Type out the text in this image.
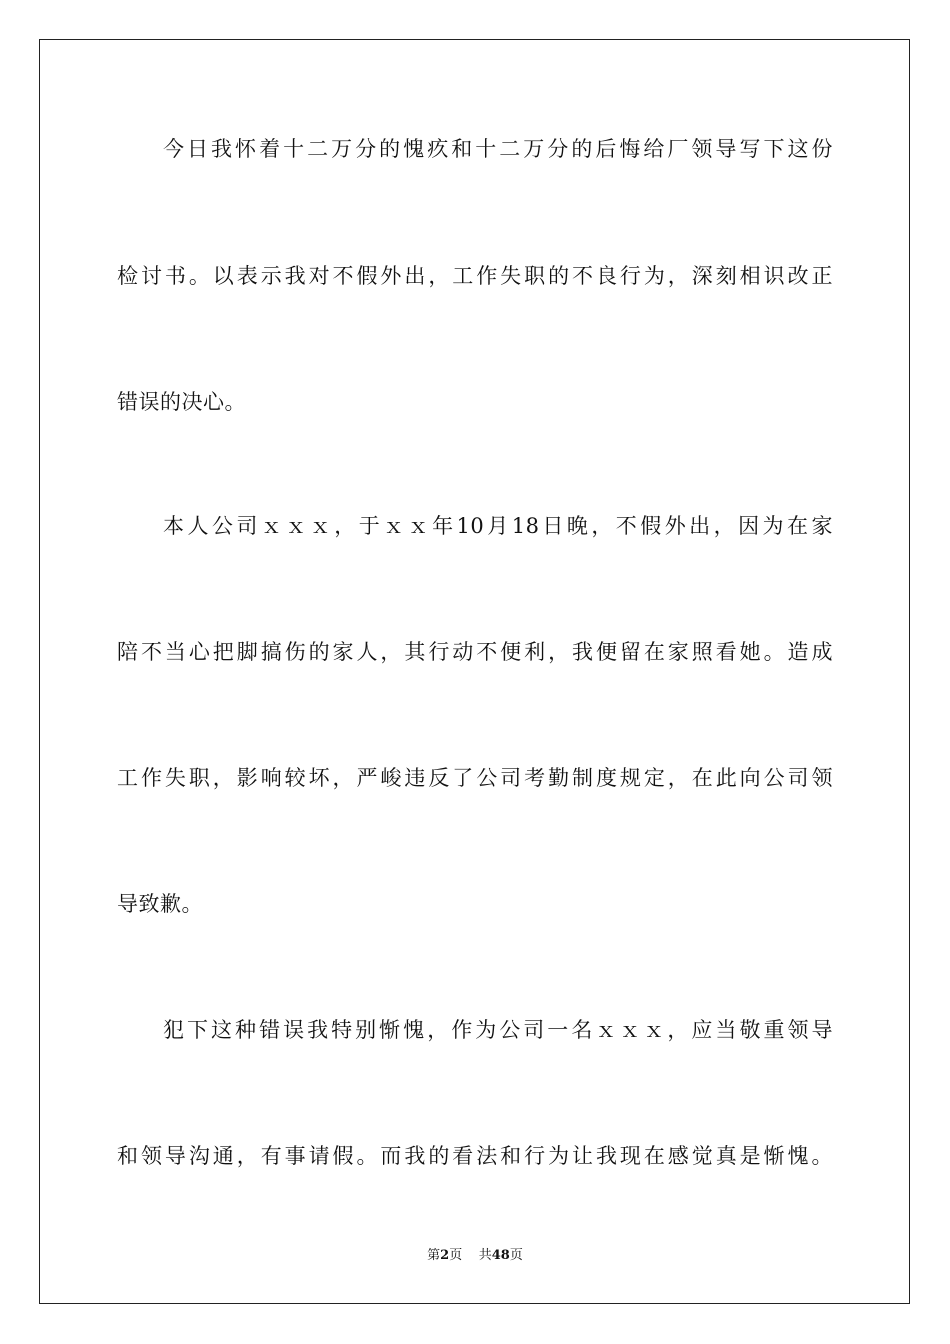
今日我怀着十二万分的愧疚和十二万分的后悔给厂领导写下这份
检讨书。以表示我对不假外出，工作失职的不良行为，深刻相识改正
错误的决心。
本人公司ｘｘｘ，于ｘｘ年10月18日晚，不假外出，因为在家
陪不当心把脚搞伤的家人，其行动不便利，我便留在家照看她。造成
工作失职，影响较坏，严峻违反了公司考勤制度规定，在此向公司领
导致歉。
犯下这种错误我特别惭愧，作为公司一名ｘｘｘ，应当敬重领导
和领导沟通，有事请假。而我的看法和行为让我现在感觉真是惭愧。
第2页 共48页
